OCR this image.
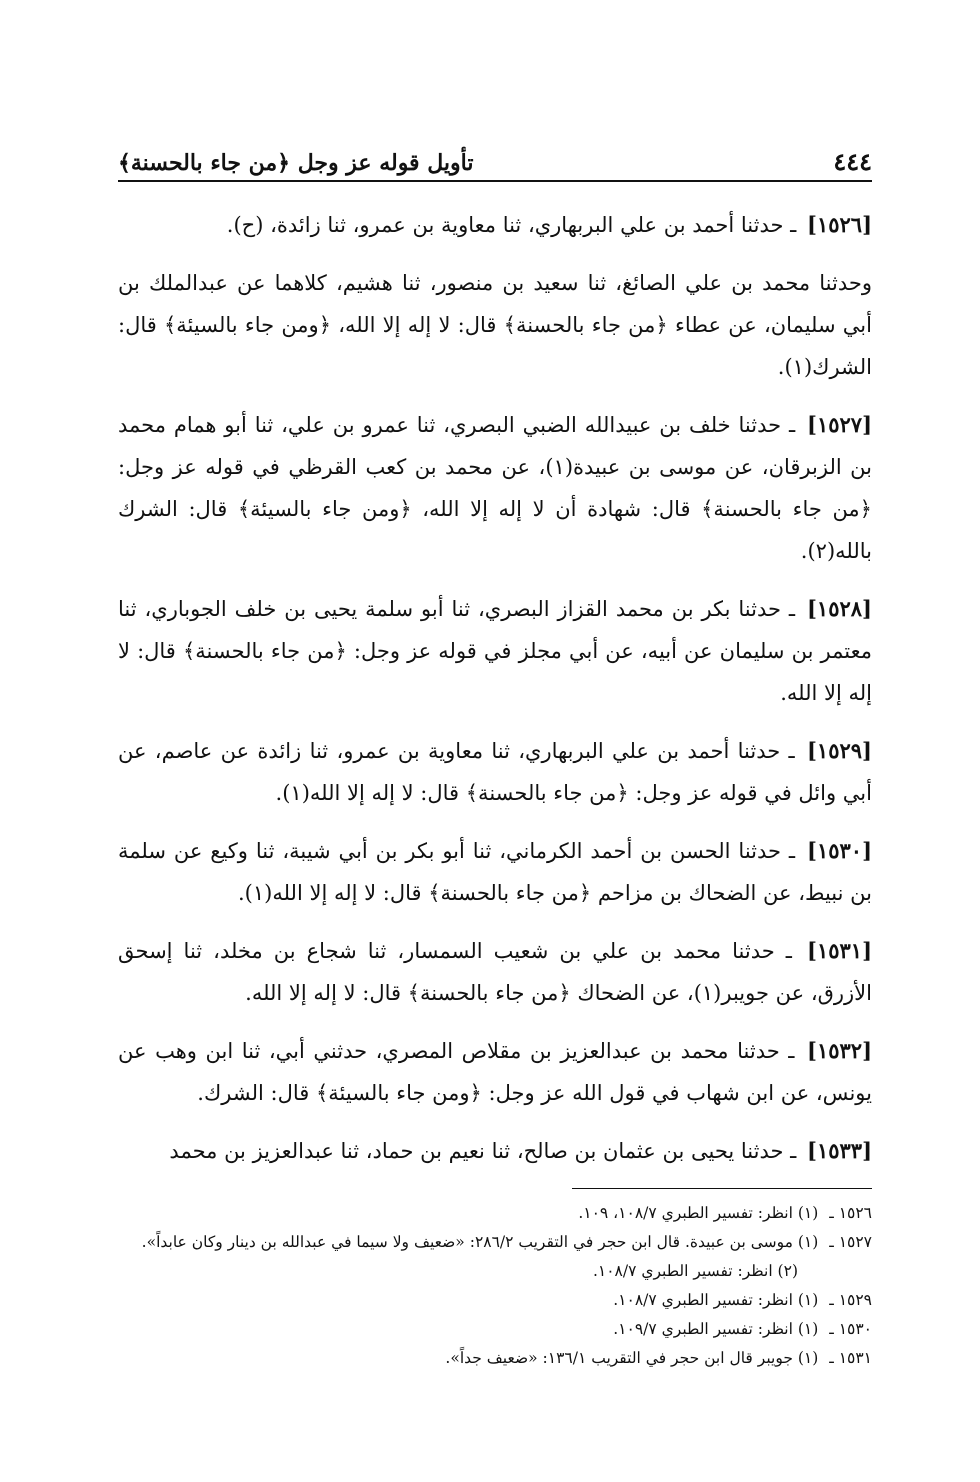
٤٤٤
تأويل قوله عز وجل ﴿من جاء بالحسنة﴾

[١٥٢٦] ـ حدثنا أحمد بن علي البربهاري، ثنا معاوية بن عمرو، ثنا زائدة، (ح).

وحدثنا محمد بن علي الصائغ، ثنا سعيد بن منصور، ثنا هشيم، كلاهما عن عبدالملك بن أبي سليمان، عن عطاء ﴿من جاء بالحسنة﴾ قال: لا إله إلا الله، ﴿ومن جاء بالسيئة﴾ قال: الشرك(١).

[١٥٢٧] ـ حدثنا خلف بن عبيدالله الضبي البصري، ثنا عمرو بن علي، ثنا أبو همام محمد بن الزبرقان، عن موسى بن عبيدة(١)، عن محمد بن كعب القرظي في قوله عز وجل: ﴿من جاء بالحسنة﴾ قال: شهادة أن لا إله إلا الله، ﴿ومن جاء بالسيئة﴾ قال: الشرك بالله(٢).

[١٥٢٨] ـ حدثنا بكر بن محمد القزاز البصري، ثنا أبو سلمة يحيى بن خلف الجوباري، ثنا معتمر بن سليمان عن أبيه، عن أبي مجلز في قوله عز وجل: ﴿من جاء بالحسنة﴾ قال: لا إله إلا الله.

[١٥٢٩] ـ حدثنا أحمد بن علي البربهاري، ثنا معاوية بن عمرو، ثنا زائدة عن عاصم، عن أبي وائل في قوله عز وجل: ﴿من جاء بالحسنة﴾ قال: لا إله إلا الله(١).

[١٥٣٠] ـ حدثنا الحسن بن أحمد الكرماني، ثنا أبو بكر بن أبي شيبة، ثنا وكيع عن سلمة بن نبيط، عن الضحاك بن مزاحم ﴿من جاء بالحسنة﴾ قال: لا إله إلا الله(١).

[١٥٣١] ـ حدثنا محمد بن علي بن شعيب السمسار، ثنا شجاع بن مخلد، ثنا إسحق الأزرق، عن جويبر(١)، عن الضحاك ﴿من جاء بالحسنة﴾ قال: لا إله إلا الله.

[١٥٣٢] ـ حدثنا محمد بن عبدالعزيز بن مقلاص المصري، حدثني أبي، ثنا ابن وهب عن يونس، عن ابن شهاب في قول الله عز وجل: ﴿ومن جاء بالسيئة﴾ قال: الشرك.

[١٥٣٣] ـ حدثنا يحيى بن عثمان بن صالح، ثنا نعيم بن حماد، ثنا عبدالعزيز بن محمد

١٥٢٦ ـ (١) انظر: تفسير الطبري ١٠٨/٧، ١٠٩.

١٥٢٧ ـ (١) موسى بن عبيدة. قال ابن حجر في التقريب ٢٨٦/٢: «ضعيف ولا سيما في عبدالله بن دينار وكان عابداً».

(٢) انظر: تفسير الطبري ١٠٨/٧.

١٥٢٩ ـ (١) انظر: تفسير الطبري ١٠٨/٧.

١٥٣٠ ـ (١) انظر: تفسير الطبري ١٠٩/٧.

١٥٣١ ـ (١) جويبر قال ابن حجر في التقريب ١٣٦/١: «ضعيف جداً».
